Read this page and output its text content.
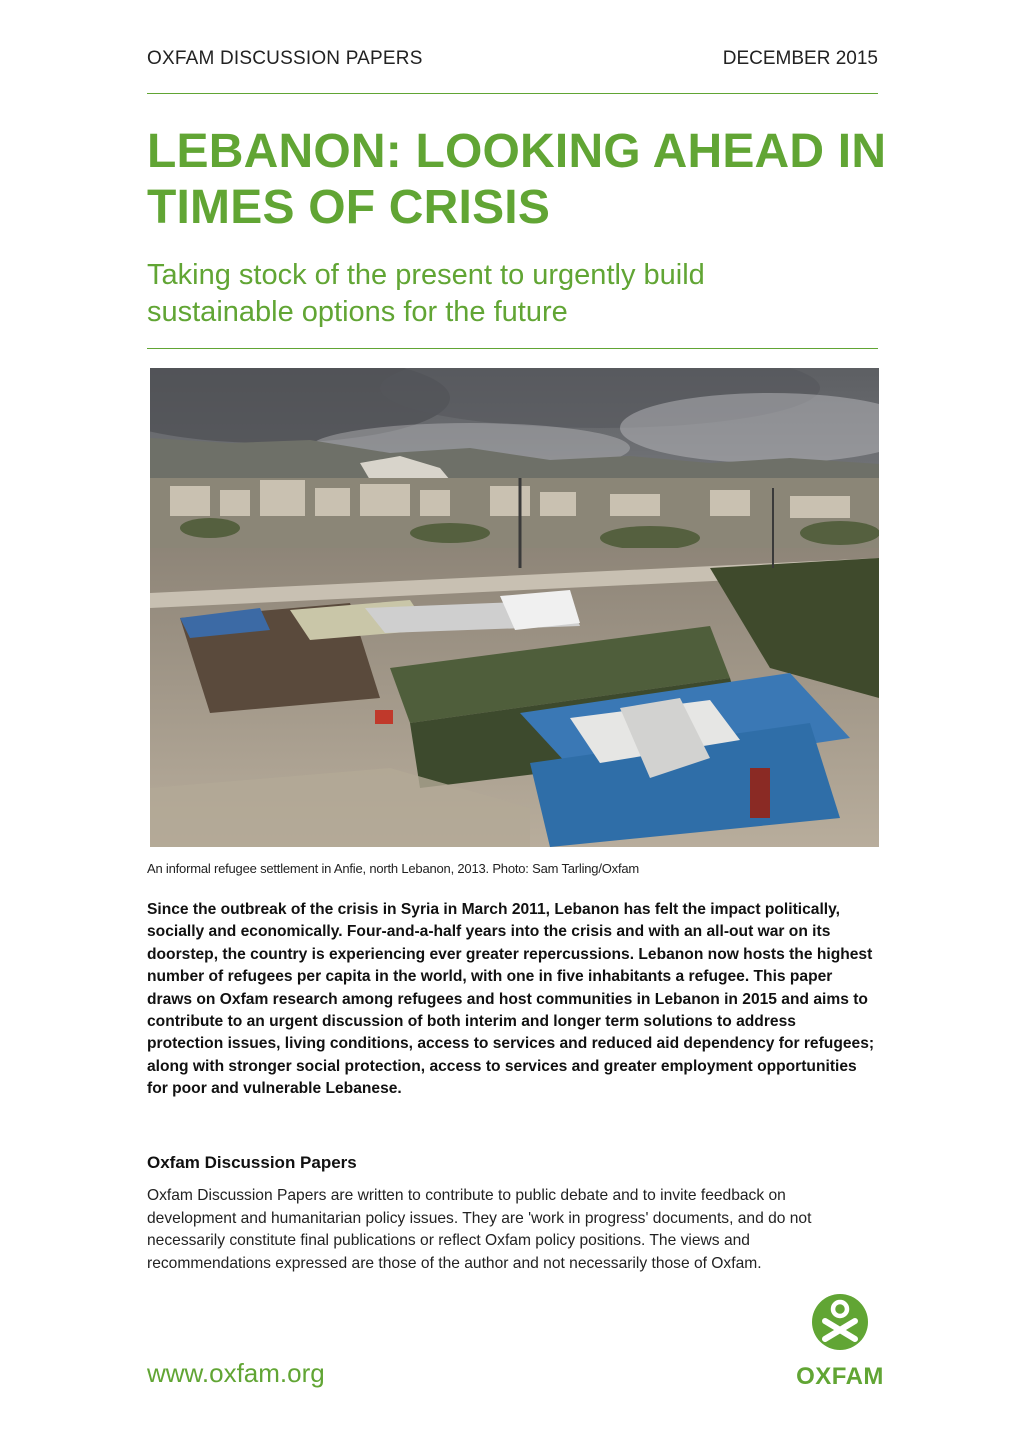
OXFAM DISCUSSION PAPERS	DECEMBER 2015
LEBANON: LOOKING AHEAD IN TIMES OF CRISIS
Taking stock of the present to urgently build sustainable options for the future
An informal refugee settlement in Anfie, north Lebanon, 2013. Photo: Sam Tarling/Oxfam

Since the outbreak of the crisis in Syria in March 2011, Lebanon has felt the impact politically, socially and economically. Four-and-a-half years into the crisis and with an all-out war on its doorstep, the country is experiencing ever greater repercussions. Lebanon now hosts the highest number of refugees per capita in the world, with one in five inhabitants a refugee. This paper draws on Oxfam research among refugees and host communities in Lebanon in 2015 and aims to contribute to an urgent discussion of both interim and longer term solutions to address protection issues, living conditions, access to services and reduced aid dependency for refugees; along with stronger social protection, access to services and greater employment opportunities for poor and vulnerable Lebanese.

Oxfam Discussion Papers

Oxfam Discussion Papers are written to contribute to public debate and to invite feedback on development and humanitarian policy issues. They are 'work in progress' documents, and do not necessarily constitute final publications or reflect Oxfam policy positions. The views and recommendations expressed are those of the author and not necessarily those of Oxfam.

www.oxfam.org	OXFAM
